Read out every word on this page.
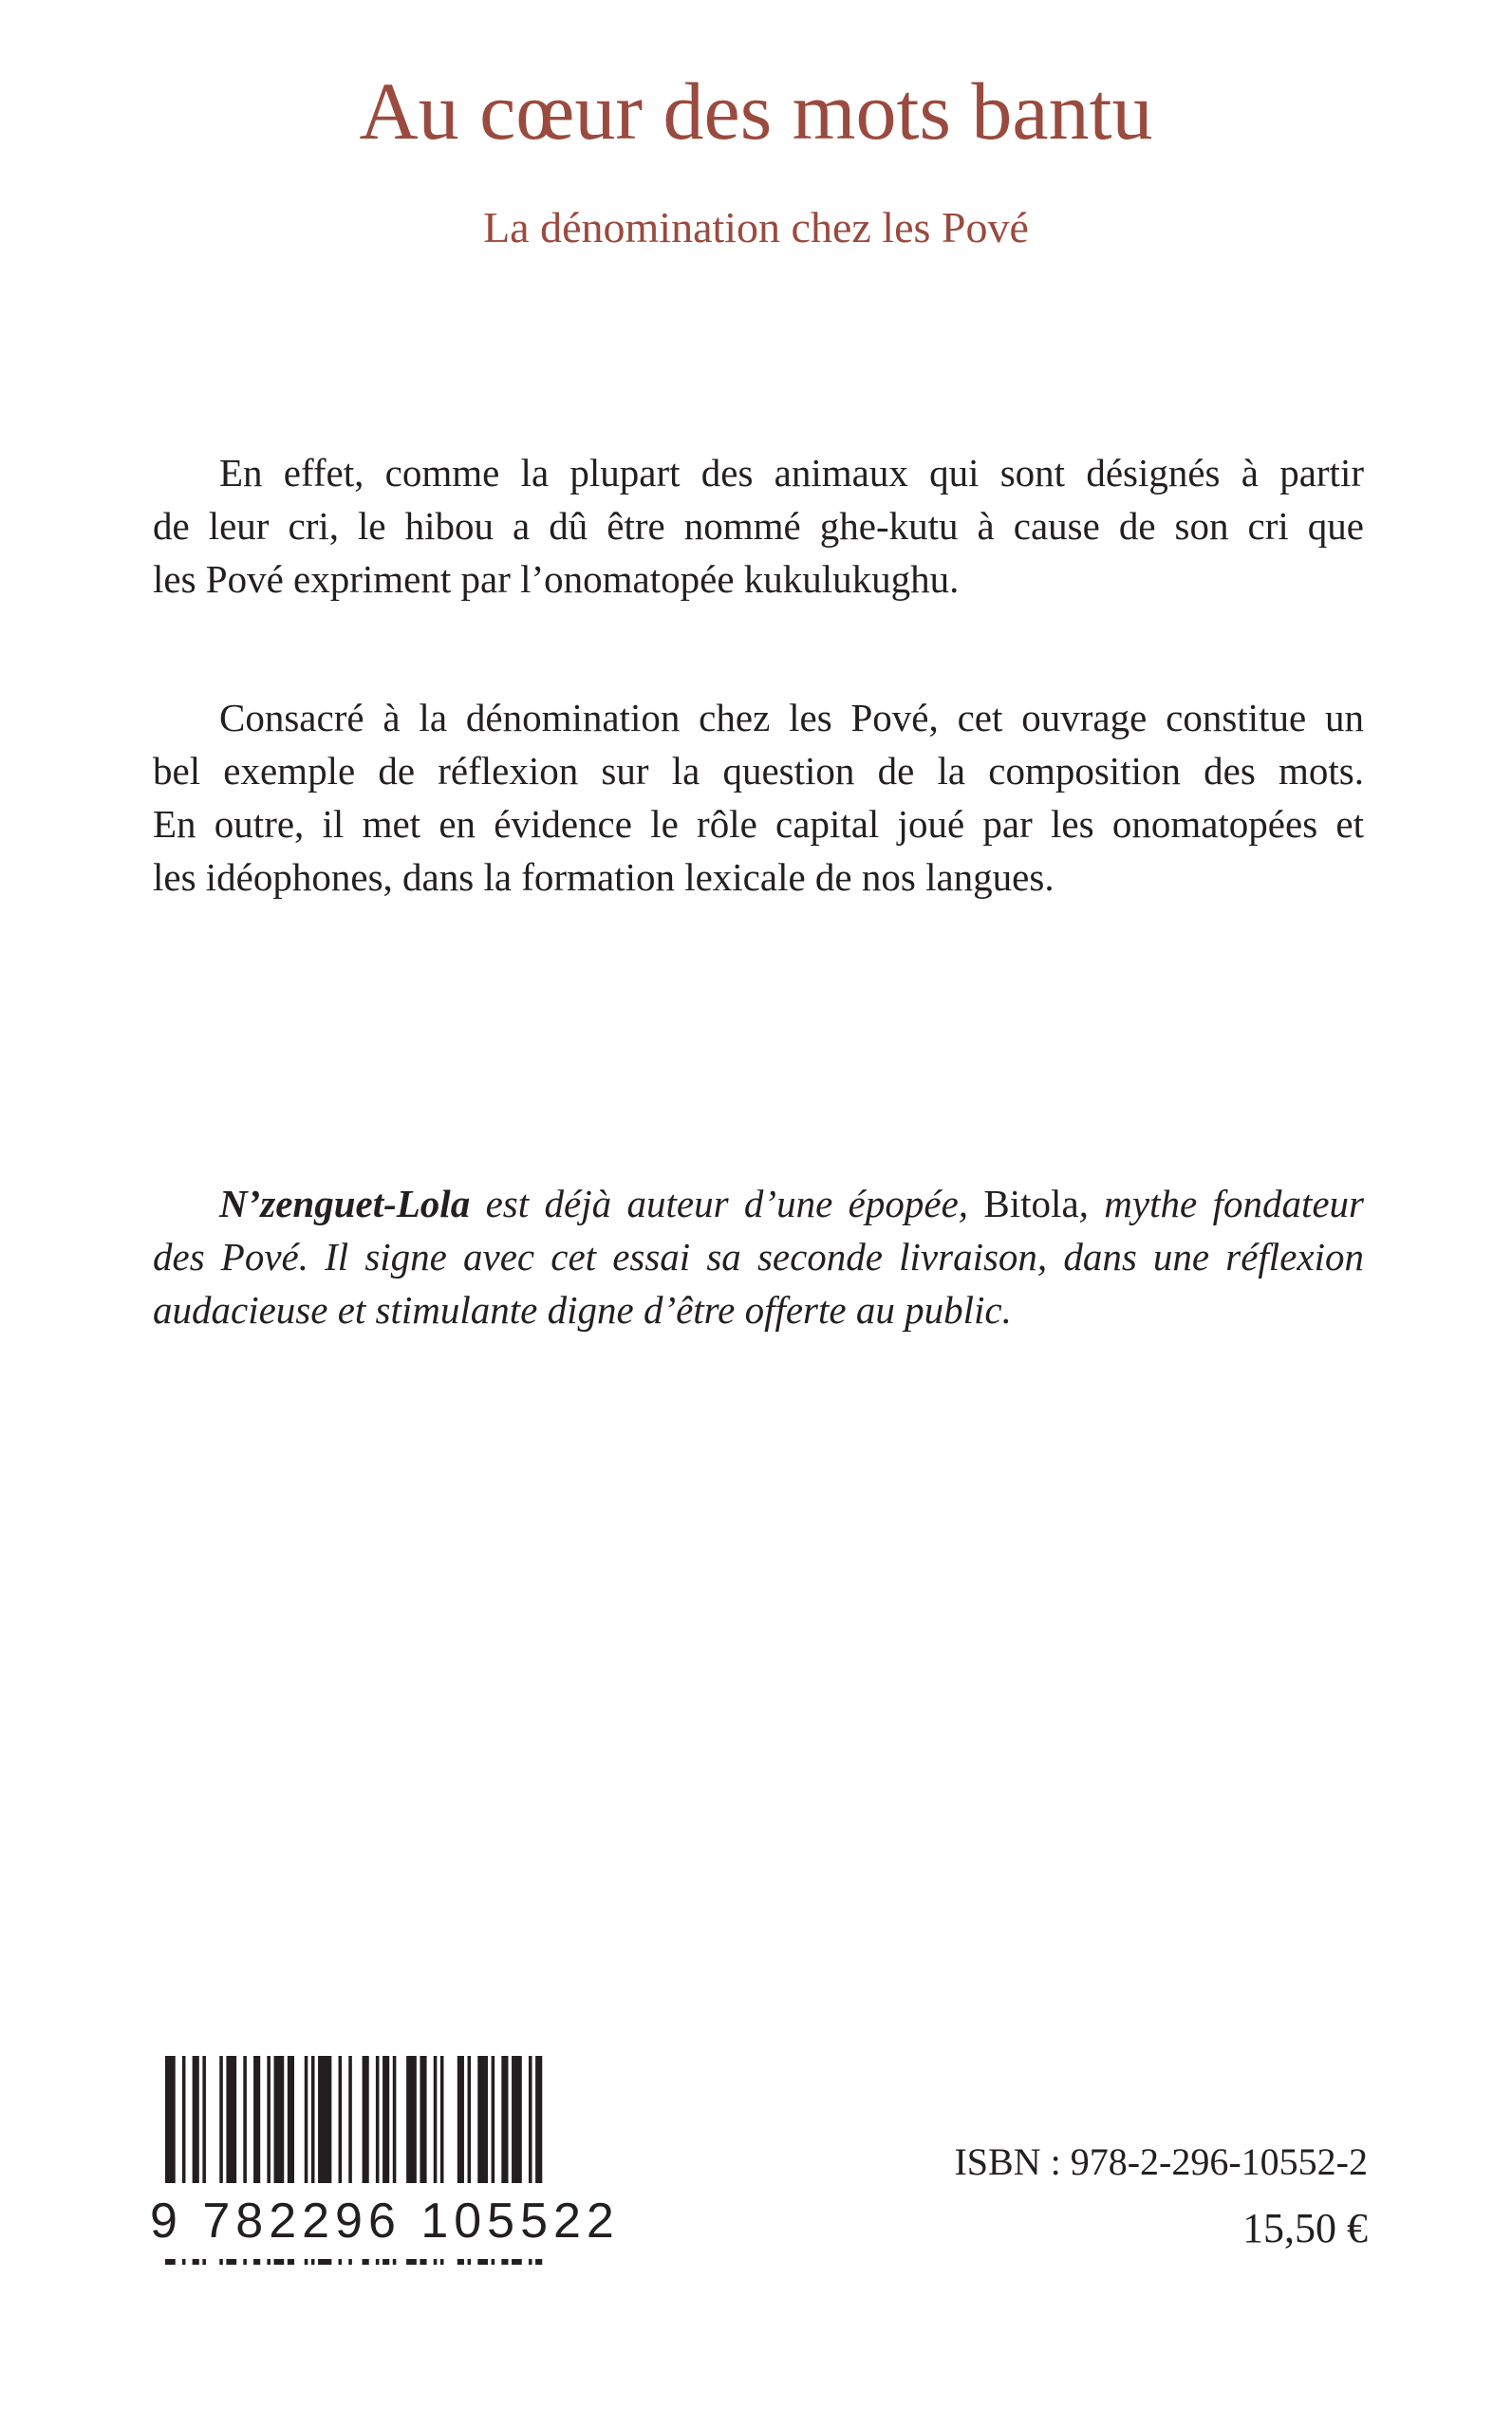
Au cœur des mots bantu
La dénomination chez les Pové
En effet, comme la plupart des animaux qui sont désignés à partir
de leur cri, le hibou a dû être nommé ghe-kutu à cause de son cri que
les Pové expriment par l’onomatopée kukulukughu.
Consacré à la dénomination chez les Pové, cet ouvrage constitue un
bel exemple de réflexion sur la question de la composition des mots.
En outre, il met en évidence le rôle capital joué par les onomatopées et
les idéophones, dans la formation lexicale de nos langues.
N’zenguet-Lola est déjà auteur d’une épopée, Bitola, mythe fondateur
des Pové. Il signe avec cet essai sa seconde livraison, dans une réflexion
audacieuse et stimulante digne d’être offerte au public.
9 782296 105522
ISBN : 978-2-296-10552-2
15,50 €
